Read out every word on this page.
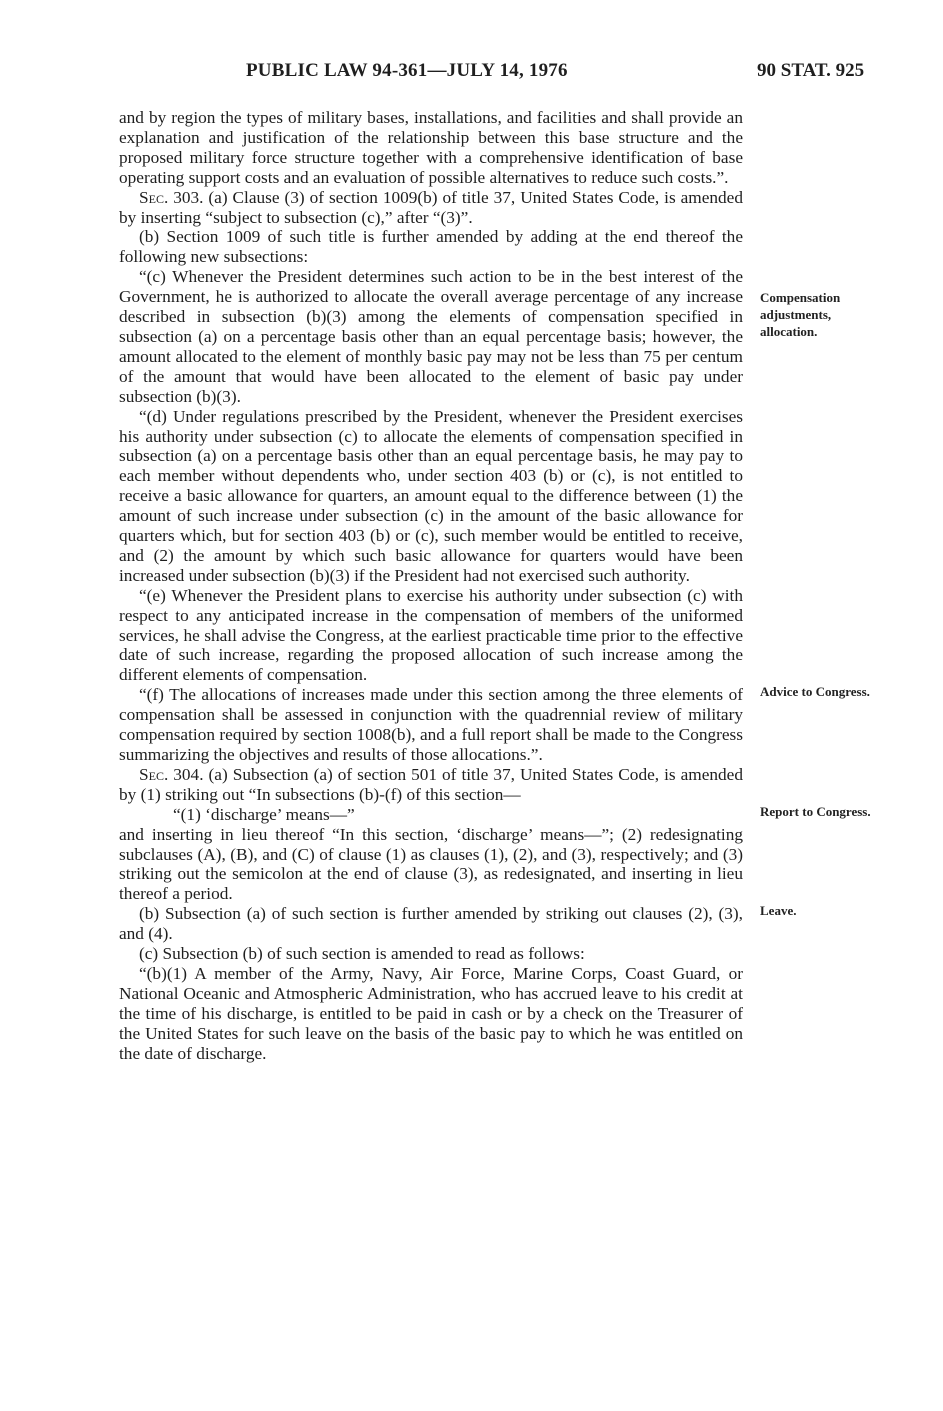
PUBLIC LAW 94-361—JULY 14, 1976	90 STAT. 925

and by region the types of military bases, installations, and facilities and shall provide an explanation and justification of the relationship between this base structure and the proposed military force structure together with a comprehensive identification of base operating support costs and an evaluation of possible alternatives to reduce such costs.”.

Sec. 303. (a) Clause (3) of section 1009(b) of title 37, United States Code, is amended by inserting “subject to subsection (c),” after “(3)”.

(b) Section 1009 of such title is further amended by adding at the end thereof the following new subsections:

“(c) Whenever the President determines such action to be in the best interest of the Government, he is authorized to allocate the overall average percentage of any increase described in subsection (b)(3) among the elements of compensation specified in subsection (a) on a percentage basis other than an equal percentage basis; however, the amount allocated to the element of monthly basic pay may not be less than 75 per centum of the amount that would have been allocated to the element of basic pay under subsection (b)(3).

“(d) Under regulations prescribed by the President, whenever the President exercises his authority under subsection (c) to allocate the elements of compensation specified in subsection (a) on a percentage basis other than an equal percentage basis, he may pay to each member without dependents who, under section 403 (b) or (c), is not entitled to receive a basic allowance for quarters, an amount equal to the difference between (1) the amount of such increase under subsection (c) in the amount of the basic allowance for quarters which, but for section 403 (b) or (c), such member would be entitled to receive, and (2) the amount by which such basic allowance for quarters would have been increased under subsection (b)(3) if the President had not exercised such authority.

“(e) Whenever the President plans to exercise his authority under subsection (c) with respect to any anticipated increase in the compensation of members of the uniformed services, he shall advise the Congress, at the earliest practicable time prior to the effective date of such increase, regarding the proposed allocation of such increase among the different elements of compensation.

“(f) The allocations of increases made under this section among the three elements of compensation shall be assessed in conjunction with the quadrennial review of military compensation required by section 1008(b), and a full report shall be made to the Congress summarizing the objectives and results of those allocations.”.

Sec. 304. (a) Subsection (a) of section 501 of title 37, United States Code, is amended by (1) striking out “In subsections (b)-(f) of this section—

“(1) ‘discharge’ means—”

and inserting in lieu thereof “In this section, ‘discharge’ means—”; (2) redesignating subclauses (A), (B), and (C) of clause (1) as clauses (1), (2), and (3), respectively; and (3) striking out the semicolon at the end of clause (3), as redesignated, and inserting in lieu thereof a period.

(b) Subsection (a) of such section is further amended by striking out clauses (2), (3), and (4).

(c) Subsection (b) of such section is amended to read as follows:

“(b)(1) A member of the Army, Navy, Air Force, Marine Corps, Coast Guard, or National Oceanic and Atmospheric Administration, who has accrued leave to his credit at the time of his discharge, is entitled to be paid in cash or by a check on the Treasurer of the United States for such leave on the basis of the basic pay to which he was entitled on the date of discharge.

Compensation adjustments, allocation.
Advice to Congress.
Report to Congress.
Leave.
